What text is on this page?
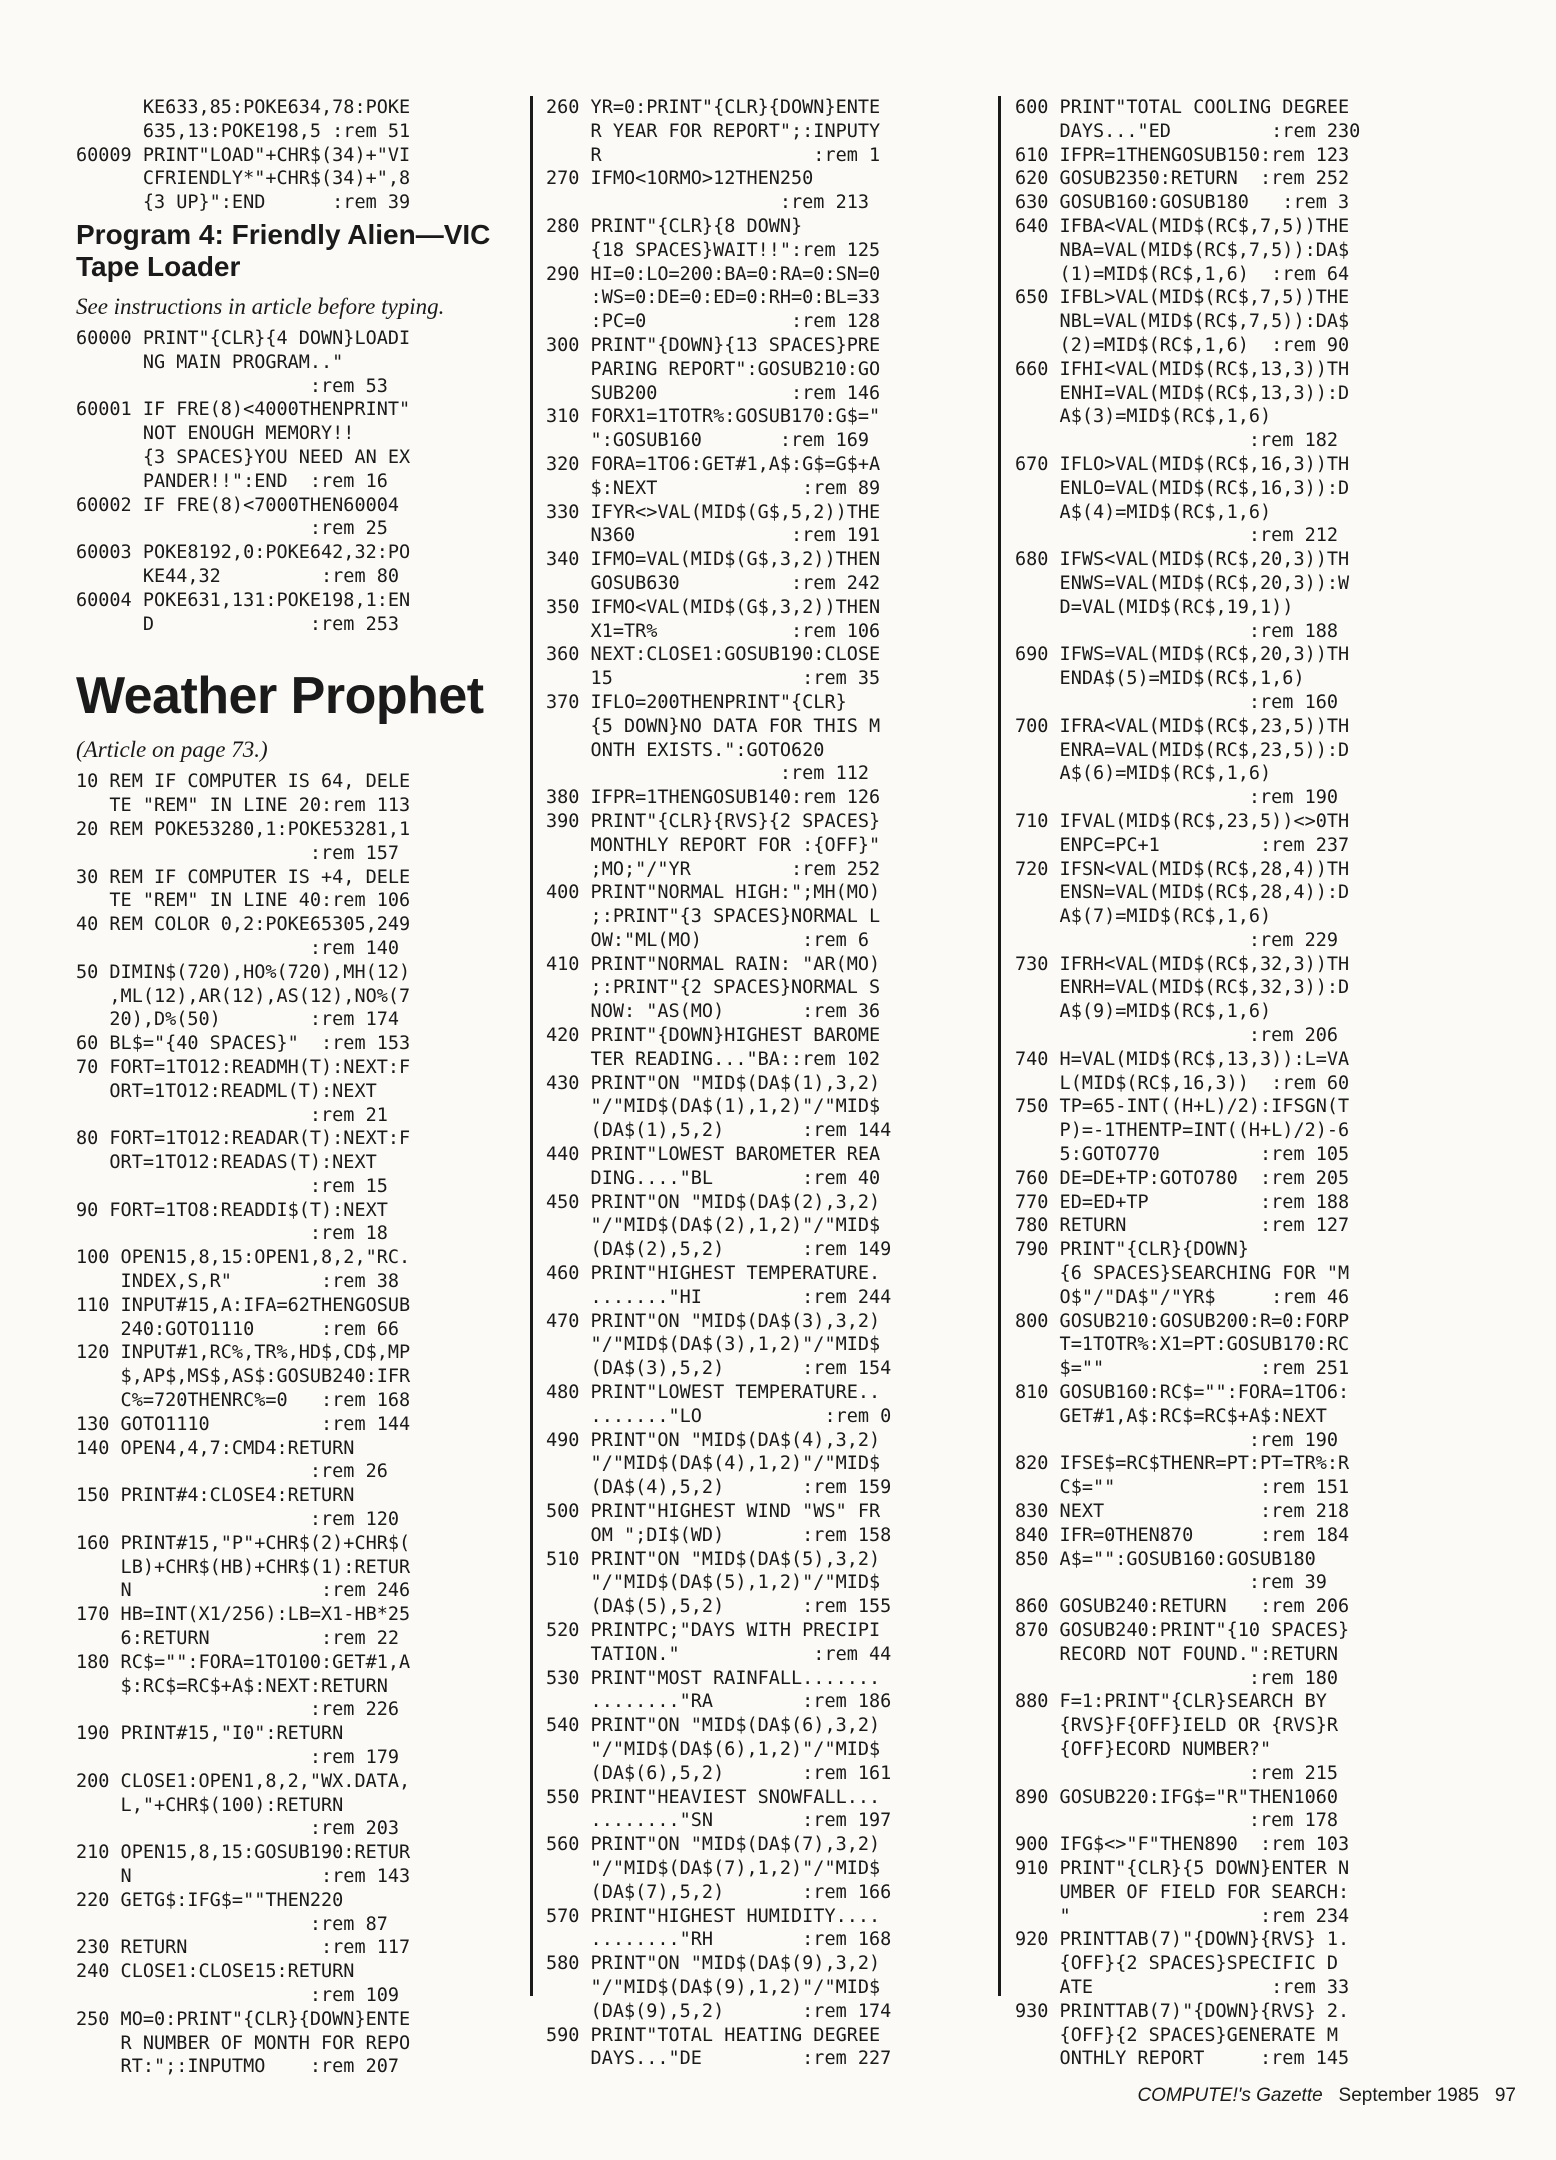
KE633,85:POKE634,78:POKE
635,13:POKE198,5 :rem 51
60009 PRINT"LOAD"+CHR$(34)+"VI
CFRIENDLY*"+CHR$(34)+",8
{3 UP}":END      :rem 39
Program 4: Friendly Alien—VIC
Tape Loader
See instructions in article before typing.
60000 PRINT"{CLR}{4 DOWN}LOADI
NG MAIN PROGRAM.."
:rem 53
60001 IF FRE(8)<4000THENPRINT"
NOT ENOUGH MEMORY!!
{3 SPACES}YOU NEED AN EX
PANDER!!":END  :rem 16
60002 IF FRE(8)<7000THEN60004
:rem 25
60003 POKE8192,0:POKE642,32:PO
KE44,32         :rem 80
60004 POKE631,131:POKE198,1:EN
D              :rem 253
Weather Prophet
(Article on page 73.)
10 REM IF COMPUTER IS 64, DELE
TE "REM" IN LINE 20:rem 113
20 REM POKE53280,1:POKE53281,1
:rem 157
30 REM IF COMPUTER IS +4, DELE
TE "REM" IN LINE 40:rem 106
40 REM COLOR 0,2:POKE65305,249
:rem 140
50 DIMIN$(720),HO%(720),MH(12)
,ML(12),AR(12),AS(12),NO%(7
20),D%(50)        :rem 174
60 BL$="{40 SPACES}"  :rem 153
70 FORT=1TO12:READMH(T):NEXT:F
ORT=1TO12:READML(T):NEXT
:rem 21
80 FORT=1TO12:READAR(T):NEXT:F
ORT=1TO12:READAS(T):NEXT
:rem 15
90 FORT=1TO8:READDI$(T):NEXT
:rem 18
100 OPEN15,8,15:OPEN1,8,2,"RC.
INDEX,S,R"        :rem 38
110 INPUT#15,A:IFA=62THENGOSUB
240:GOTO1110      :rem 66
120 INPUT#1,RC%,TR%,HD$,CD$,MP
$,AP$,MS$,AS$:GOSUB240:IFR
C%=720THENRC%=0   :rem 168
130 GOTO1110          :rem 144
140 OPEN4,4,7:CMD4:RETURN
:rem 26
150 PRINT#4:CLOSE4:RETURN
:rem 120
160 PRINT#15,"P"+CHR$(2)+CHR$(
LB)+CHR$(HB)+CHR$(1):RETUR
N                 :rem 246
170 HB=INT(X1/256):LB=X1-HB*25
6:RETURN          :rem 22
180 RC$="":FORA=1TO100:GET#1,A
$:RC$=RC$+A$:NEXT:RETURN
:rem 226
190 PRINT#15,"I0":RETURN
:rem 179
200 CLOSE1:OPEN1,8,2,"WX.DATA,
L,"+CHR$(100):RETURN
:rem 203
210 OPEN15,8,15:GOSUB190:RETUR
N                 :rem 143
220 GETG$:IFG$=""THEN220
:rem 87
230 RETURN            :rem 117
240 CLOSE1:CLOSE15:RETURN
:rem 109
250 MO=0:PRINT"{CLR}{DOWN}ENTE
R NUMBER OF MONTH FOR REPO
RT:";:INPUTMO    :rem 207
260 YR=0:PRINT"{CLR}{DOWN}ENTE
R YEAR FOR REPORT";:INPUTY
R                   :rem 1
270 IFMO<1ORMO>12THEN250
:rem 213
280 PRINT"{CLR}{8 DOWN}
{18 SPACES}WAIT!!":rem 125
290 HI=0:LO=200:BA=0:RA=0:SN=0
:WS=0:DE=0:ED=0:RH=0:BL=33
:PC=0             :rem 128
300 PRINT"{DOWN}{13 SPACES}PRE
PARING REPORT":GOSUB210:GO
SUB200            :rem 146
310 FORX1=1TOTR%:GOSUB170:G$="
":GOSUB160       :rem 169
320 FORA=1TO6:GET#1,A$:G$=G$+A
$:NEXT             :rem 89
330 IFYR<>VAL(MID$(G$,5,2))THE
N360              :rem 191
340 IFMO=VAL(MID$(G$,3,2))THEN
GOSUB630          :rem 242
350 IFMO<VAL(MID$(G$,3,2))THEN
X1=TR%            :rem 106
360 NEXT:CLOSE1:GOSUB190:CLOSE
15                 :rem 35
370 IFLO=200THENPRINT"{CLR}
{5 DOWN}NO DATA FOR THIS M
ONTH EXISTS.":GOTO620
:rem 112
380 IFPR=1THENGOSUB140:rem 126
390 PRINT"{CLR}{RVS}{2 SPACES}
MONTHLY REPORT FOR :{OFF}"
;MO;"/"YR         :rem 252
400 PRINT"NORMAL HIGH:";MH(MO)
;:PRINT"{3 SPACES}NORMAL L
OW:"ML(MO)         :rem 6
410 PRINT"NORMAL RAIN: "AR(MO)
;:PRINT"{2 SPACES}NORMAL S
NOW: "AS(MO)       :rem 36
420 PRINT"{DOWN}HIGHEST BAROME
TER READING..."BA::rem 102
430 PRINT"ON "MID$(DA$(1),3,2)
"/"MID$(DA$(1),1,2)"/"MID$
(DA$(1),5,2)       :rem 144
440 PRINT"LOWEST BAROMETER REA
DING...."BL        :rem 40
450 PRINT"ON "MID$(DA$(2),3,2)
"/"MID$(DA$(2),1,2)"/"MID$
(DA$(2),5,2)       :rem 149
460 PRINT"HIGHEST TEMPERATURE.
......."HI         :rem 244
470 PRINT"ON "MID$(DA$(3),3,2)
"/"MID$(DA$(3),1,2)"/"MID$
(DA$(3),5,2)       :rem 154
480 PRINT"LOWEST TEMPERATURE..
......."LO           :rem 0
490 PRINT"ON "MID$(DA$(4),3,2)
"/"MID$(DA$(4),1,2)"/"MID$
(DA$(4),5,2)       :rem 159
500 PRINT"HIGHEST WIND "WS" FR
OM ";DI$(WD)       :rem 158
510 PRINT"ON "MID$(DA$(5),3,2)
"/"MID$(DA$(5),1,2)"/"MID$
(DA$(5),5,2)       :rem 155
520 PRINTPC;"DAYS WITH PRECIPI
TATION."            :rem 44
530 PRINT"MOST RAINFALL.......
........"RA        :rem 186
540 PRINT"ON "MID$(DA$(6),3,2)
"/"MID$(DA$(6),1,2)"/"MID$
(DA$(6),5,2)       :rem 161
550 PRINT"HEAVIEST SNOWFALL...
........"SN        :rem 197
560 PRINT"ON "MID$(DA$(7),3,2)
"/"MID$(DA$(7),1,2)"/"MID$
(DA$(7),5,2)       :rem 166
570 PRINT"HIGHEST HUMIDITY....
........"RH        :rem 168
580 PRINT"ON "MID$(DA$(9),3,2)
"/"MID$(DA$(9),1,2)"/"MID$
(DA$(9),5,2)       :rem 174
590 PRINT"TOTAL HEATING DEGREE
DAYS..."DE         :rem 227
600 PRINT"TOTAL COOLING DEGREE
DAYS..."ED         :rem 230
610 IFPR=1THENGOSUB150:rem 123
620 GOSUB2350:RETURN  :rem 252
630 GOSUB160:GOSUB180   :rem 3
640 IFBA<VAL(MID$(RC$,7,5))THE
NBA=VAL(MID$(RC$,7,5)):DA$
(1)=MID$(RC$,1,6)  :rem 64
650 IFBL>VAL(MID$(RC$,7,5))THE
NBL=VAL(MID$(RC$,7,5)):DA$
(2)=MID$(RC$,1,6)  :rem 90
660 IFHI<VAL(MID$(RC$,13,3))TH
ENHI=VAL(MID$(RC$,13,3)):D
A$(3)=MID$(RC$,1,6)
:rem 182
670 IFLO>VAL(MID$(RC$,16,3))TH
ENLO=VAL(MID$(RC$,16,3)):D
A$(4)=MID$(RC$,1,6)
:rem 212
680 IFWS<VAL(MID$(RC$,20,3))TH
ENWS=VAL(MID$(RC$,20,3)):W
D=VAL(MID$(RC$,19,1))
:rem 188
690 IFWS=VAL(MID$(RC$,20,3))TH
ENDA$(5)=MID$(RC$,1,6)
:rem 160
700 IFRA<VAL(MID$(RC$,23,5))TH
ENRA=VAL(MID$(RC$,23,5)):D
A$(6)=MID$(RC$,1,6)
:rem 190
710 IFVAL(MID$(RC$,23,5))<>0TH
ENPC=PC+1         :rem 237
720 IFSN<VAL(MID$(RC$,28,4))TH
ENSN=VAL(MID$(RC$,28,4)):D
A$(7)=MID$(RC$,1,6)
:rem 229
730 IFRH<VAL(MID$(RC$,32,3))TH
ENRH=VAL(MID$(RC$,32,3)):D
A$(9)=MID$(RC$,1,6)
:rem 206
740 H=VAL(MID$(RC$,13,3)):L=VA
L(MID$(RC$,16,3))  :rem 60
750 TP=65-INT((H+L)/2):IFSGN(T
P)=-1THENTP=INT((H+L)/2)-6
5:GOTO770         :rem 105
760 DE=DE+TP:GOTO780  :rem 205
770 ED=ED+TP          :rem 188
780 RETURN            :rem 127
790 PRINT"{CLR}{DOWN}
{6 SPACES}SEARCHING FOR "M
O$"/"DA$"/"YR$     :rem 46
800 GOSUB210:GOSUB200:R=0:FORP
T=1TOTR%:X1=PT:GOSUB170:RC
$=""              :rem 251
810 GOSUB160:RC$="":FORA=1TO6:
GET#1,A$:RC$=RC$+A$:NEXT
:rem 190
820 IFSE$=RC$THENR=PT:PT=TR%:R
C$=""             :rem 151
830 NEXT              :rem 218
840 IFR=0THEN870      :rem 184
850 A$="":GOSUB160:GOSUB180
:rem 39
860 GOSUB240:RETURN   :rem 206
870 GOSUB240:PRINT"{10 SPACES}
RECORD NOT FOUND.":RETURN
:rem 180
880 F=1:PRINT"{CLR}SEARCH BY
{RVS}F{OFF}IELD OR {RVS}R
{OFF}ECORD NUMBER?"
:rem 215
890 GOSUB220:IFG$="R"THEN1060
:rem 178
900 IFG$<>"F"THEN890  :rem 103
910 PRINT"{CLR}{5 DOWN}ENTER N
UMBER OF FIELD FOR SEARCH:
"                 :rem 234
920 PRINTTAB(7)"{DOWN}{RVS} 1.
{OFF}{2 SPACES}SPECIFIC D
ATE                :rem 33
930 PRINTTAB(7)"{DOWN}{RVS} 2.
{OFF}{2 SPACES}GENERATE M
ONTHLY REPORT     :rem 145
COMPUTE!'s Gazette September 1985 97
